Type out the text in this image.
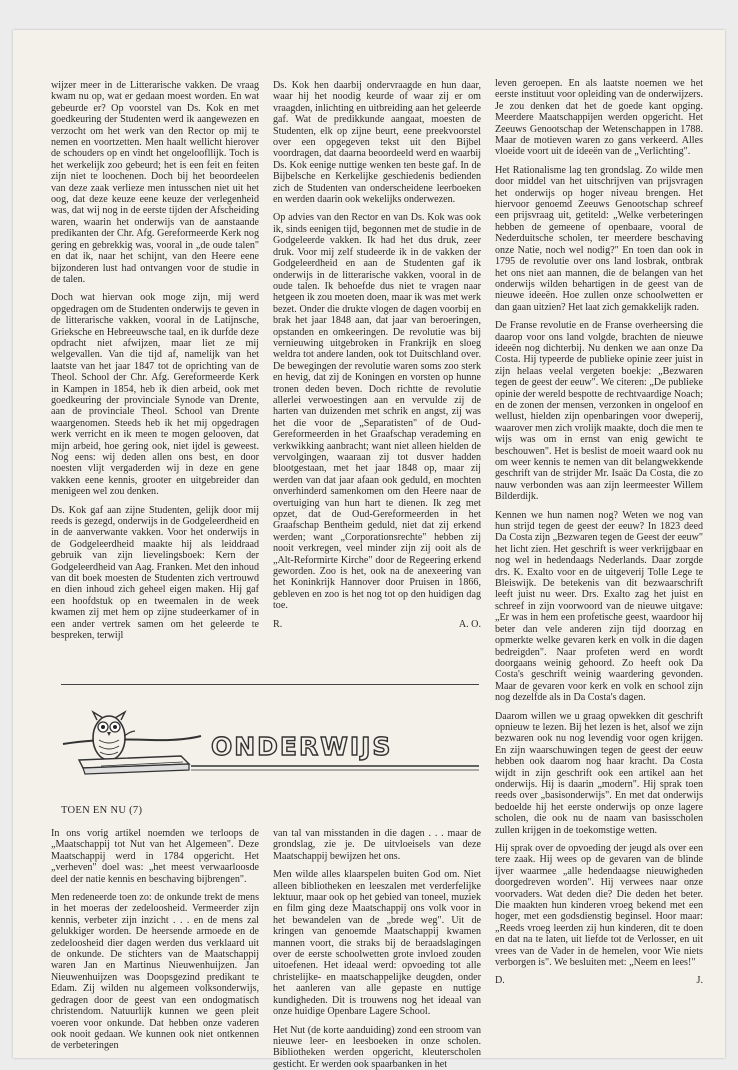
wijzer meer in de Litterarische vakken. De vraag kwam nu op, wat er gedaan moest worden. En wat gebeurde er? Op voorstel van Ds. Kok en met goedkeuring der Studenten werd ik aangewezen en verzocht om het werk van den Rector op mij te nemen en voortzetten. Men haalt wellicht hierover de schouders op en vindt het ongeloofllijk. Toch is het werkelijk zoo gebeurd; het is een feit en feiten zijn niet te loochenen. Doch bij het beoordeelen van deze zaak verlieze men intusschen niet uit het oog, dat deze keuze eene keuze der verlegenheid was, dat wij nog in de eerste tijden der Afscheiding waren, waarin het onderwijs van de aanstaande predikanten der Chr. Afg. Gereformeerde Kerk nog gering en gebrekkig was, vooral in „de oude talen" en dat ik, naar het schijnt, van den Heere eene bijzonderen lust had ontvangen voor de studie in de talen.

Doch wat hiervan ook moge zijn, mij werd opgedragen om de Studenten onderwijs te geven in de litterarische vakken, vooral in de Latijnsche, Grieksche en Hebreeuwsche taal, en ik durfde deze opdracht niet afwijzen, maar liet ze mij welgevallen. Van die tijd af, namelijk van het laatste van het jaar 1847 tot de oprichting van de Theol. School der Chr. Afg. Gereformeerde Kerk in Kampen in 1854, heb ik dien arbeid, ook met goedkeuring der provinciale Synode van Drente, aan de provinciale Theol. School van Drente waargenomen. Steeds heb ik het mij opgedragen werk verricht en ik meen te mogen gelooven, dat mijn arbeid, hoe gering ook, niet ijdel is geweest. Nog eens: wij deden allen ons best, en door noesten vlijt vergaderden wij in deze en gene vakken eene kennis, grooter en uitgebreider dan menigeen wel zou denken.

Ds. Kok gaf aan zijne Studenten, gelijk door mij reeds is gezegd, onderwijs in de Godgeleerdheid en in de aanverwante vakken. Voor het onderwijs in de Godgeleerdheid maakte hij als leiddraad gebruik van zijn lievelingsboek: Kern der Godgeleerdheid van Aag. Franken. Met den inhoud van dit boek moesten de Studenten zich vertrouwd en dien inhoud zich geheel eigen maken. Hij gaf een hoofdstuk op en tweemalen in de week kwamen zij met hem op zijne studeerkamer of in een ander vertrek samen om het geleerde te bespreken, terwijl

Ds. Kok hen daarbij ondervraagde en hun daar, waar hij het noodig keurde of waar zij er om vraagden, inlichting en uitbreiding aan het geleerde gaf. Wat de predikkunde aangaat, moesten de Studenten, elk op zijne beurt, eene preekvoorstel over een opgegeven tekst uit den Bijbel voordragen, dat daarna beoordeeld werd en waarbij Ds. Kok eenige nuttige wenken ten beste gaf. In de Bijbelsche en Kerkelijke geschiedenis bedienden zich de Studenten van onderscheidene leerboeken en werden daarin ook wekelijks onderwezen.

Op advies van den Rector en van Ds. Kok was ook ik, sinds eenigen tijd, begonnen met de studie in de Godgeleerde vakken. Ik had het dus druk, zeer druk. Voor mij zelf studeerde ik in de vakken der Godgeleerdheid en aan de Studenten gaf ik onderwijs in de litterarische vakken, vooral in de oude talen. Ik behoefde dus niet te vragen naar hetgeen ik zou moeten doen, maar ik was met werk bezet. Onder die drukte vlogen de dagen voorbij en brak het jaar 1848 aan, dat jaar van beroeringen, opstanden en omkeeringen. De revolutie was bij vernieuwing uitgebroken in Frankrijk en sloeg weldra tot andere landen, ook tot Duitschland over. De bewegingen der revolutie waren soms zoo sterk en hevig, dat zij de Koningen en vorsten op hunne tronen deden beven. Doch richtte de revolutie allerlei verwoestingen aan en vervulde zij de harten van duizenden met schrik en angst, zij was het die voor de „Separatisten" of de Oud-Gereformeerden in het Graafschap verademing en verkwikking aanbracht; want niet alleen hielden de vervolgingen, waaraan zij tot dusver hadden blootgestaan, met het jaar 1848 op, maar zij werden van dat jaar afaan ook geduld, en mochten onverhinderd samenkomen om den Heere naar de overtuiging van hun hart te dienen. Ik zeg met opzet, dat de Oud-Gereformeerden in het Graafschap Bentheim geduld, niet dat zij erkend werden; want „Corporationsrechte" hebben zij nooit verkregen, veel minder zijn zij ooit als de „Alt-Reformirte Kirche" door de Regeering erkend geworden. Zoo is het, ook na de anexeering van het Koninkrijk Hannover door Pruisen in 1866, gebleven en zoo is het nog tot op den huidigen dag toe.

R.	A. O.
ONDERWIJS
TOEN EN NU (7)

In ons vorig artikel noemden we terloops de „Maatschappij tot Nut van het Algemeen". Deze Maatschappij werd in 1784 opgericht. Het „verheven" doel was: „het meest verwaarloosde deel der natie kennis en beschaving bijbrengen".

Men redeneerde toen zo: de onkunde trekt de mens in het moeras der zedeloosheid. Vermeerder zijn kennis, verbeter zijn inzicht . . . en de mens zal gelukkiger worden. De heersende armoede en de zedeloosheid dier dagen werden dus verklaard uit de onkunde. De stichters van de Maatschappij waren Jan en Martinus Nieuwenhuijzen. Jan Nieuwenhuijzen was Doopsgezind predikant te Edam. Zij wilden nu algemeen volksonderwijs, gedragen door de geest van een ondogmatisch christendom. Natuurlijk kunnen we geen pleit voeren voor onkunde. Dat hebben onze vaderen ook nooit gedaan. We kunnen ook niet ontkennen de verbeteringen

van tal van misstanden in die dagen . . . maar de grondslag, zie je. De uitvloeisels van deze Maatschappij bewijzen het ons.

Men wilde alles klaarspelen buiten God om. Niet alleen bibliotheken en leeszalen met verderfelijke lektuur, maar ook op het gebied van toneel, muziek en film ging deze Maatschappij ons volk voor in het bewandelen van de „brede weg". Uit de kringen van genoemde Maatschappij kwamen mannen voort, die straks bij de beraadslagingen over de eerste schoolwetten grote invloed zouden uitoefenen. Het ideaal werd: opvoeding tot alle christelijke- en maatschappelijke deugden, onder het aanleren van alle gepaste en nuttige kundigheden. Dit is trouwens nog het ideaal van onze huidige Openbare Lagere School.

Het Nut (de korte aanduiding) zond een stroom van nieuwe leer- en leesboeken in onze scholen. Bibliotheken werden opgericht, kleuterscholen gesticht. Er werden ook spaarbanken in het

leven geroepen. En als laatste noemen we het eerste instituut voor opleiding van de onderwijzers. Je zou denken dat het de goede kant opging. Meerdere Maatschappijen werden opgericht. Het Zeeuws Genootschap der Wetenschappen in 1788. Maar de motieven waren zo gans verkeerd. Alles vloeide voort uit de ideeën van de „Verlichting".

Het Rationalisme lag ten grondslag. Zo wilde men door middel van het uitschrijven van prijsvragen het onderwijs op hoger niveau brengen. Het hiervoor genoemd Zeeuws Genootschap schreef een prijsvraag uit, getiteld: „Welke verbeteringen hebben de gemeene of openbaare, vooral de Nederduitsche scholen, ter meerdere beschaving onze Natie, noch wel nodig?" En toen dan ook in 1795 de revolutie over ons land losbrak, ontbrak het ons niet aan mannen, die de belangen van het onderwijs wilden behartigen in de geest van de nieuwe ideeën. Hoe zullen onze schoolwetten er dan gaan uitzien? Het laat zich gemakkelijk raden.

De Franse revolutie en de Franse overheersing die daarop voor ons land volgde, brachten de nieuwe ideeën nog dichterbij. Nu denken we aan onze Da Costa. Hij typeerde de publieke opinie zeer juist in zijn helaas veelal vergeten boekje: „Bezwaren tegen de geest der eeuw". We citeren: „De publieke opinie der wereld bespotte de rechtvaardige Noach; en de zonen der mensen, verzonken in ongeloof en wellust, hielden zijn openbaringen voor dweperij, waarover men zich vrolijk maakte, doch die men te wijs was om in ernst van enig gewicht te beschouwen". Het is beslist de moeit waard ook nu om weer kennis te nemen van dit belangwekkende geschrift van de strijder Mr. Isaäc Da Costa, die zo nauw verbonden was aan zijn leermeester Willem Bilderdijk.

Kennen we hun namen nog? Weten we nog van hun strijd tegen de geest der eeuw? In 1823 deed Da Costa zijn „Bezwaren tegen de Geest der eeuw" het licht zien. Het geschrift is weer verkrijgbaar en nog wel in hedendaags Nederlands. Daar zorgde drs. K. Exalto voor en de uitgeverij Tolle Lege te Bleiswijk. De betekenis van dit bezwaarschrift leeft juist nu weer. Drs. Exalto zag het juist en schreef in zijn voorwoord van de nieuwe uitgave: „Er was in hem een profetische geest, waardoor hij beter dan vele anderen zijn tijd doorzag en opmerkte welke gevaren kerk en volk in die dagen bedreigden". Naar profeten werd en wordt doorgaans weinig gehoord. Zo heeft ook Da Costa's geschrift weinig waardering gevonden. Maar de gevaren voor kerk en volk en school zijn nog dezelfde als in Da Costa's dagen.

Daarom willen we u graag opwekken dit geschrift opnieuw te lezen. Bij het lezen is het, alsof we zijn bezwaren ook nu nog levendig voor ogen krijgen. En zijn waarschuwingen tegen de geest der eeuw hebben ook daarom nog haar kracht. Da Costa wijdt in zijn geschrift ook een artikel aan het onderwijs. Hij is daarin „modern". Hij sprak toen reeds over „basisonderwijs". En met dat onderwijs bedoelde hij het eerste onderwijs op onze lagere scholen, die ook nu de naam van basisscholen zullen krijgen in de toekomstige wetten.

Hij sprak over de opvoeding der jeugd als over een tere zaak. Hij wees op de gevaren van de blinde ijver waarmee „alle hedendaagse nieuwigheden doorgedreven worden". Hij verwees naar onze voorvaders. Wat deden die? Die deden het beter. Die maakten hun kinderen vroeg bekend met een hoger, met een godsdienstig beginsel. Hoor maar: „Reeds vroeg leerden zij hun kinderen, dit te doen en dat na te laten, uit liefde tot de Verlosser, en uit vrees van de Vader in de hemelen, voor Wie niets verborgen is". We besluiten met: „Neem en lees!"

D.	J.
